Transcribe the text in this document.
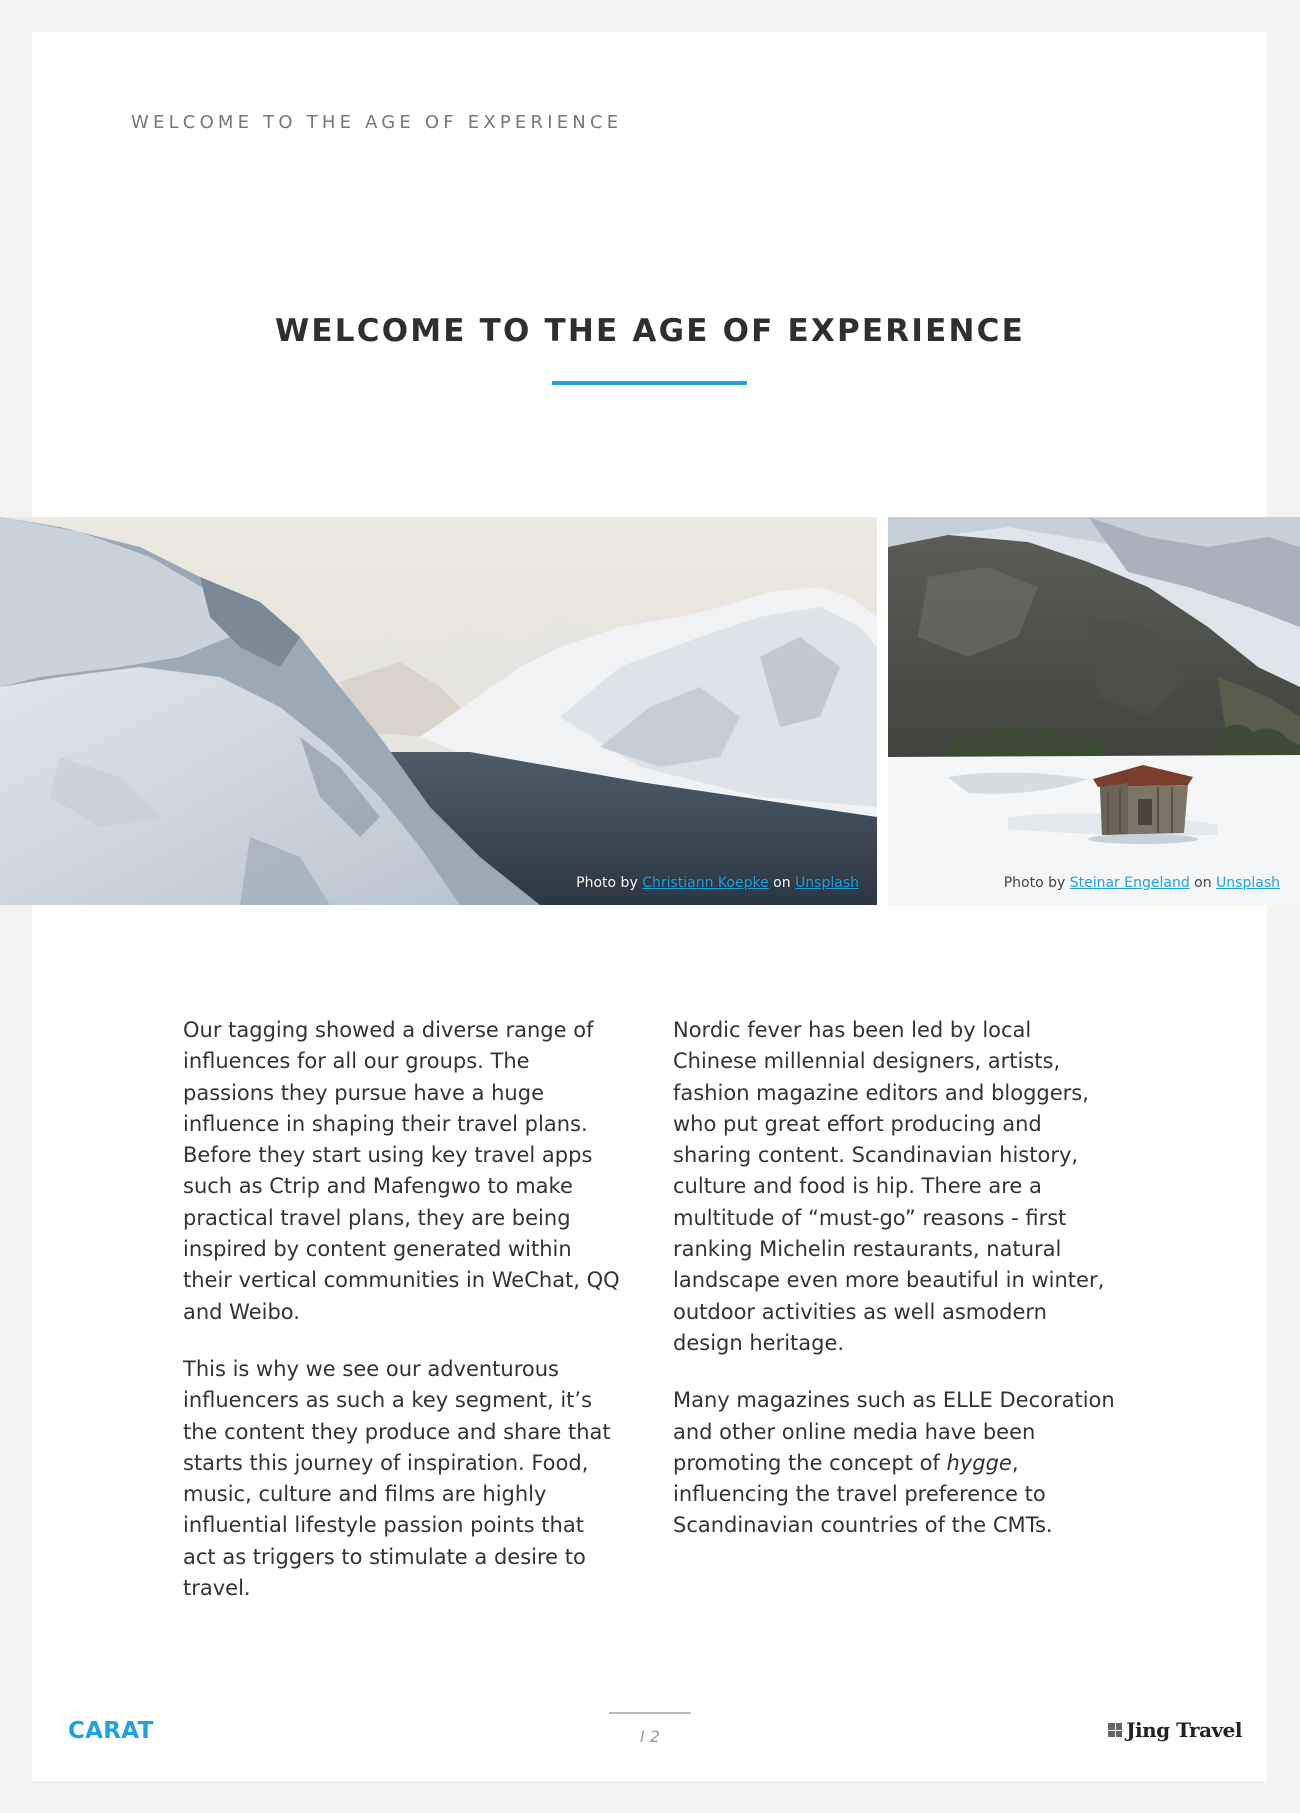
WELCOME TO THE AGE OF EXPERIENCE
WELCOME TO THE AGE OF EXPERIENCE
Photo by Christiann Koepke on Unsplash	Photo by Steinar Engeland on Unsplash

Our tagging showed a diverse range of influences for all our groups. The passions they pursue have a huge influence in shaping their travel plans. Before they start using key travel apps such as Ctrip and Mafengwo to make practical travel plans, they are being inspired by content generated within their vertical communities in WeChat, QQ and Weibo.

This is why we see our adventurous influencers as such a key segment, it’s the content they produce and share that starts this journey of inspiration. Food, music, culture and films are highly influential lifestyle passion points that act as triggers to stimulate a desire to travel.

Nordic fever has been led by local Chinese millennial designers, artists, fashion magazine editors and bloggers, who put great effort producing and sharing content. Scandinavian history, culture and food is hip. There are a multitude of “must-go” reasons - first ranking Michelin restaurants, natural landscape even more beautiful in winter, outdoor activities as well asmodern design heritage.

Many magazines such as ELLE Decoration and other online media have been promoting the concept of hygge, influencing the travel preference to Scandinavian countries of the CMTs.

CARAT	I 2	Jing Travel
